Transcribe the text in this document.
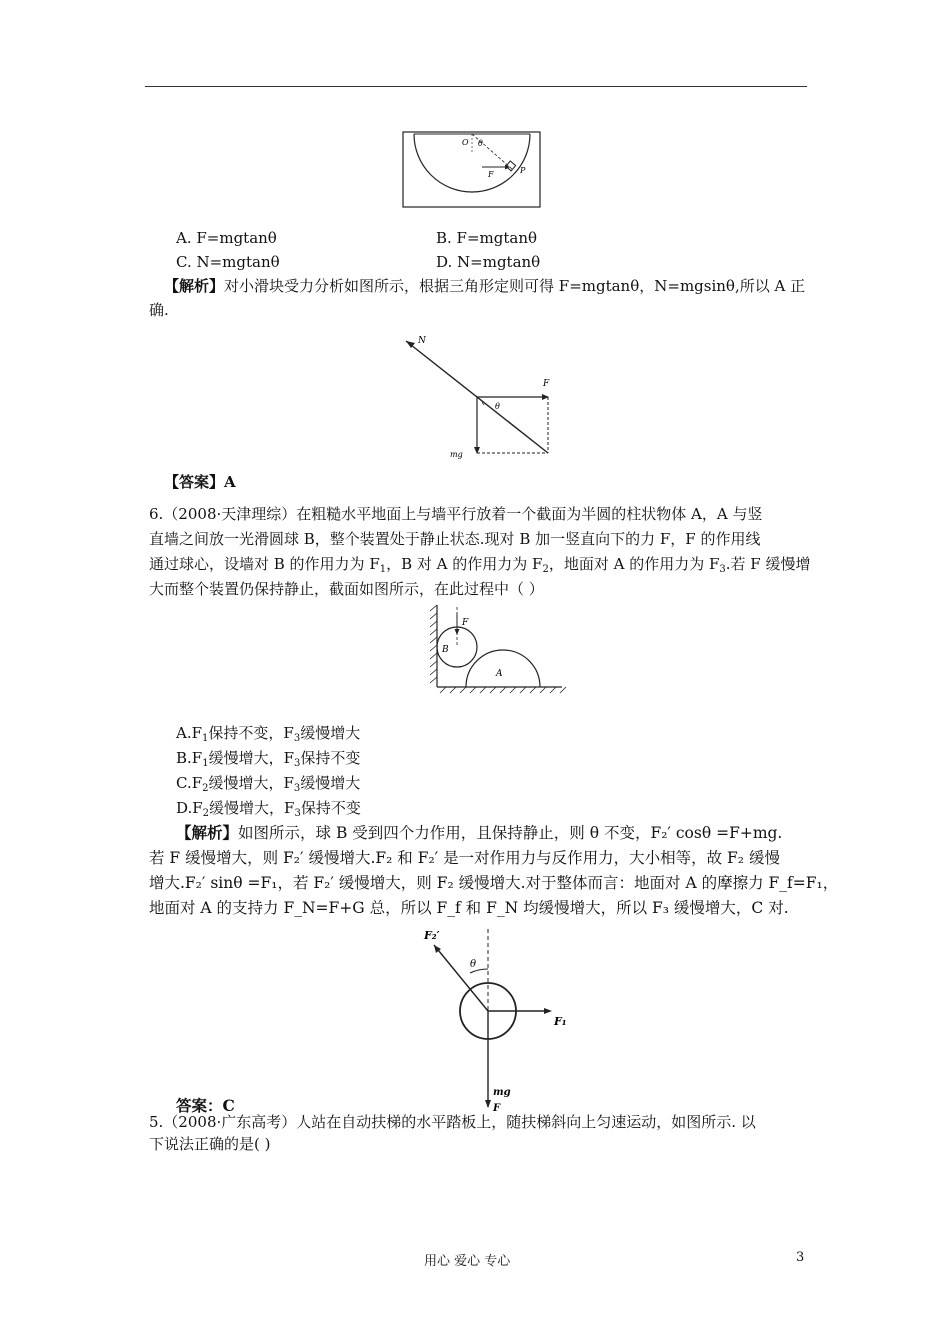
O θ
F	P
A. F=mgtanθ	B. F=mgtanθ
C. N=mgtanθ	D. N=mgtanθ
【解析】对小滑块受力分析如图所示，根据三角形定则可得 F=mgtanθ，N=mgsinθ,所以 A 正
确.
N
F
θ
mg
【答案】A
6.（2008·天津理综）在粗糙水平地面上与墙平行放着一个截面为半圆的柱状物体 A，A 与竖
直墙之间放一光滑圆球 B，整个装置处于静止状态.现对 B 加一竖直向下的力 F，F 的作用线
通过球心，设墙对 B 的作用力为 $F_1$，B 对 A 的作用力为 $F_2$，地面对 A 的作用力为 $F_3$.若 F 缓慢增
大而整个装置仍保持静止，截面如图所示，在此过程中（ ）
F
B
A
$A.F_1$保持不变，$F_3$缓慢增大
$B.F_1$缓慢增大，$F_3$保持不变
$C.F_2$缓慢增大，$F_3$缓慢增大
$D.F_2$缓慢增大，$F_3$保持不变
【解析】如图所示，球 B 受到四个力作用，且保持静止，则 θ 不变，F₂′ cosθ =F+mg.
若 F 缓慢增大，则 F₂′ 缓慢增大.F₂ 和 F₂′ 是一对作用力与反作用力，大小相等，故 F₂ 缓慢
增大.F₂′ sinθ =F₁，若 F₂′ 缓慢增大，则 F₂ 缓慢增大.对于整体而言：地面对 A 的摩擦力 F_f=F₁，
地面对 A 的支持力 F_N=F+G 总，所以 F_f 和 F_N 均缓慢增大，所以 F₃ 缓慢增大，C 对.
F₂′
θ
F₁
mg
F
答案：C
5.（2008·广东高考）人站在自动扶梯的水平踏板上，随扶梯斜向上匀速运动，如图所示. 以
下说法正确的是( )
用心 爱心 专心	3
